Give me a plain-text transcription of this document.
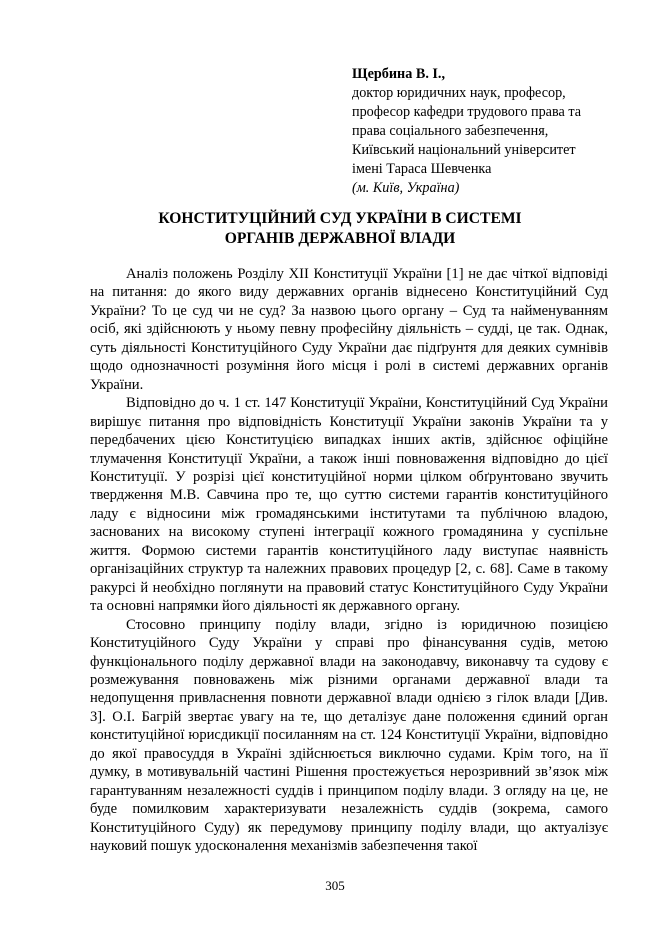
Щербина В. І.,
доктор юридичних наук, професор,
професор кафедри трудового права та
права соціального забезпечення,
Київський національний університет
імені Тараса Шевченка
(м. Київ, Україна)
КОНСТИТУЦІЙНИЙ СУД УКРАЇНИ В СИСТЕМІ
ОРГАНІВ ДЕРЖАВНОЇ ВЛАДИ

Аналіз положень Розділу XII Конституції України [1] не дає чіткої відповіді на питання: до якого виду державних органів віднесено Конституційний Суд України? То це суд чи не суд? За назвою цього органу – Суд та найменуванням осіб, які здійснюють у ньому певну професійну діяльність – судді, це так. Однак, суть діяльності Конституційного Суду України дає підґрунтя для деяких сумнівів щодо однозначності розуміння його місця і ролі в системі державних органів України.

Відповідно до ч. 1 ст. 147 Конституції України, Конституційний Суд України вирішує питання про відповідність Конституції України законів України та у передбачених цією Конституцією випадках інших актів, здійснює офіційне тлумачення Конституції України, а також інші повноваження відповідно до цієї Конституції. У розрізі цієї конституційної норми цілком обґрунтовано звучить твердження М.В. Савчина про те, що суттю системи гарантів конституційного ладу є відносини між громадянськими інститутами та публічною владою, заснованих на високому ступені інтеграції кожного громадянина у суспільне життя. Формою системи гарантів конституційного ладу виступає наявність організаційних структур та належних правових процедур [2, с. 68]. Саме в такому ракурсі й необхідно поглянути на правовий статус Конституційного Суду України та основні напрямки його діяльності як державного органу.

Стосовно принципу поділу влади, згідно із юридичною позицією Конституційного Суду України у справі про фінансування судів, метою функціонального поділу державної влади на законодавчу, виконавчу та судову є розмежування повноважень між різними органами державної влади та недопущення привласнення повноти державної влади однією з гілок влади [Див. 3]. О.І. Багрій звертає увагу на те, що деталізує дане положення єдиний орган конституційної юрисдикції посиланням на ст. 124 Конституції України, відповідно до якої правосуддя в Україні здійснюється виключно судами. Крім того, на її думку, в мотивувальній частині Рішення простежується нерозривний зв’язок між гарантуванням незалежності суддів і принципом поділу влади. З огляду на це, не буде помилковим характеризувати незалежність суддів (зокрема, самого Конституційного Суду) як передумову принципу поділу влади, що актуалізує науковий пошук удосконалення механізмів забезпечення такої

305
